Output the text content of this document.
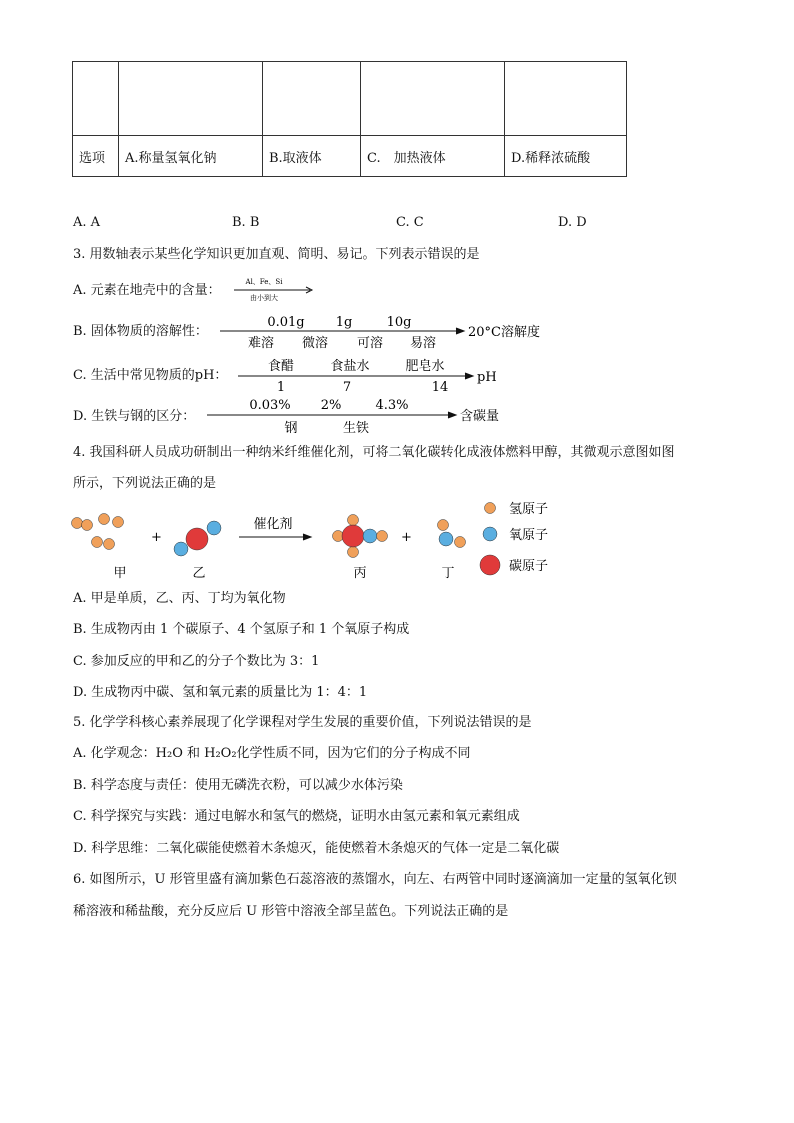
选项	A.称量氢氧化钠	B.取液体	C.　加热液体	D.稀释浓硫酸
A. A	B. B	C. C	D. D
3. 用数轴表示某些化学知识更加直观、简明、易记。下列表示错误的是
A. 元素在地壳中的含量：
Al、Fe、Si
由小到大
B. 固体物质的溶解性：
0.01g 1g	10g
20°C溶解度
难溶 微溶 可溶 易溶
C. 生活中常见物质的pH：
食醋	食盐水	肥皂水
pH
1	7	14
D. 生铁与钢的区分：
0.03% 2%	4.3%
含碳量
钢	生铁
4. 我国科研人员成功研制出一种纳米纤维催化剂，可将二氧化碳转化成液体燃料甲醇，其微观示意图如图
所示，下列说法正确的是
+
催化剂
+
甲	乙	丙	丁
氢原子
氧原子
碳原子
A. 甲是单质，乙、丙、丁均为氧化物
B. 生成物丙由 1 个碳原子、4 个氢原子和 1 个氧原子构成
C. 参加反应的甲和乙的分子个数比为 3：1
D. 生成物丙中碳、氢和氧元素的质量比为 1：4：1
5. 化学学科核心素养展现了化学课程对学生发展的重要价值，下列说法错误的是
A. 化学观念：H₂O 和 H₂O₂化学性质不同，因为它们的分子构成不同
B. 科学态度与责任：使用无磷洗衣粉，可以减少水体污染
C. 科学探究与实践：通过电解水和氢气的燃烧，证明水由氢元素和氧元素组成
D. 科学思维：二氧化碳能使燃着木条熄灭，能使燃着木条熄灭的气体一定是二氧化碳
6. 如图所示，U 形管里盛有滴加紫色石蕊溶液的蒸馏水，向左、右两管中同时逐滴滴加一定量的氢氧化钡
稀溶液和稀盐酸，充分反应后 U 形管中溶液全部呈蓝色。下列说法正确的是
